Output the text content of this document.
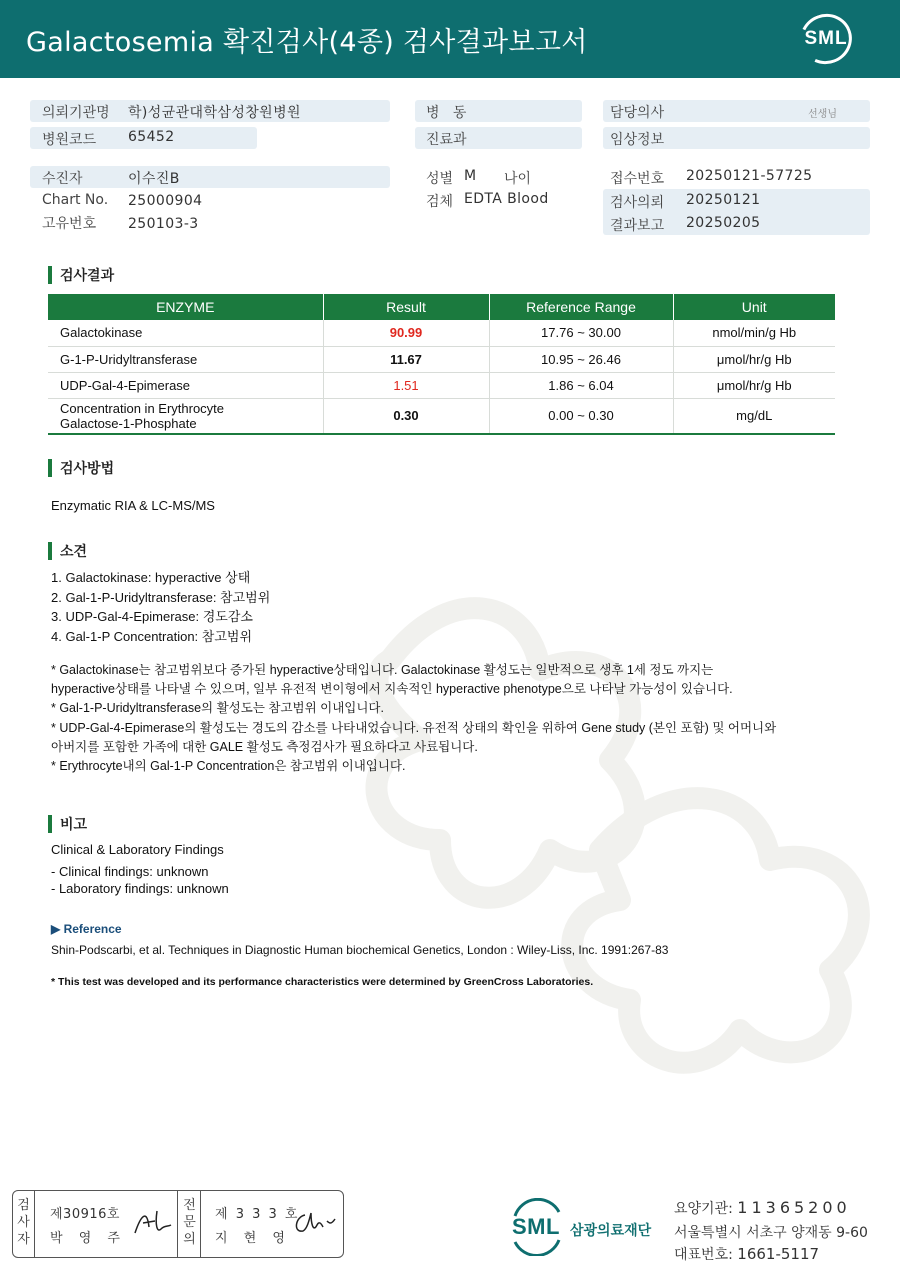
Galactosemia 확진검사(4종) 검사결과보고서	SML
의뢰기관명 학)성균관대학삼성창원병원
병원코드 65452
병   동
진료과
담당의사	선생님
임상정보
수진자	이수진B
Chart No. 25000904
고유번호 250103-3
성별 M 나이
검체 EDTA Blood
접수번호 20250121-57725
검사의뢰 20250121
결과보고 20250205
검사결과
ENZYME	Result	Reference Range	Unit
Galactokinase	90.99	17.76 ~ 30.00	nmol/min/g Hb
G-1-P-Uridyltransferase	11.67	10.95 ~ 26.46	μmol/hr/g Hb
UDP-Gal-4-Epimerase	1.51	1.86 ~ 6.04	μmol/hr/g Hb

Concentration in Erythrocyte
Galactose-1-Phosphate	0.30	0.00 ~ 0.30	mg/dL
검사방법
Enzymatic RIA & LC-MS/MS
소견
1. Galactokinase: hyperactive 상태
2. Gal-1-P-Uridyltransferase: 참고범위
3. UDP-Gal-4-Epimerase: 경도감소
4. Gal-1-P Concentration: 참고범위
* Galactokinase는 참고범위보다 증가된 hyperactive상태입니다. Galactokinase 활성도는 일반적으로 생후 1세 정도 까지는
hyperactive상태를 나타낼 수 있으며, 일부 유전적 변이형에서 지속적인 hyperactive phenotype으로 나타날 가능성이 있습니다.
* Gal-1-P-Uridyltransferase의 활성도는 참고범위 이내입니다.
* UDP-Gal-4-Epimerase의 활성도는 경도의 감소를 나타내었습니다. 유전적 상태의 확인을 위하여 Gene study (본인 포함) 및 어머니와
아버지를 포함한 가족에 대한 GALE 활성도 측정검사가 필요하다고 사료됩니다.
* Erythrocyte내의 Gal-1-P Concentration은 참고범위 이내입니다.
비고
Clinical & Laboratory Findings
- Clinical findings: unknown
- Laboratory findings: unknown
▶ Reference
Shin-Podscarbi, et al. Techniques in Diagnostic Human biochemical Genetics, London : Wiley-Liss, Inc. 1991:267-83
* This test was developed and its performance characteristics were determined by GreenCross Laboratories.
검
사
자
제30916호
박 영 주
전
문
의
제 3 3 3 호
지 현 영	SML 삼광의료재단
요양기관: 11365200
서울특별시 서초구 양재동 9-60
대표번호: 1661-5117
